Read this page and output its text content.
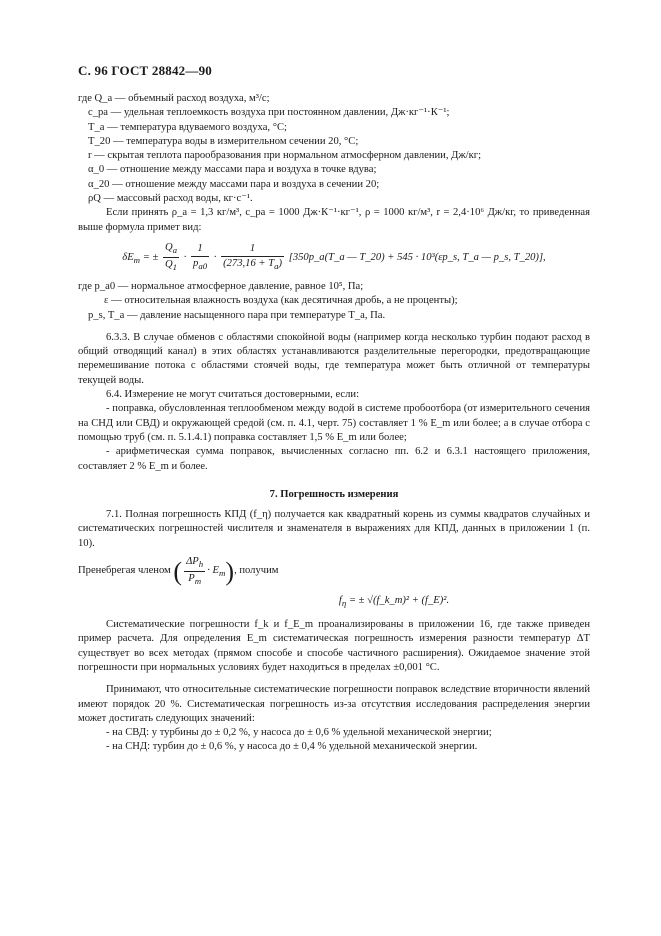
С. 96 ГОСТ 28842—90

где Q_a — объемный расход воздуха, м³/с;

c_pa — удельная теплоемкость воздуха при постоянном давлении, Дж·кг⁻¹·К⁻¹;

T_a — температура вдуваемого воздуха, °С;

T_20 — температура воды в измерительном сечении 20, °С;

r — скрытая теплота парообразования при нормальном атмосферном давлении, Дж/кг;

α_0 — отношение между массами пара и воздуха в точке вдува;

α_20 — отношение между массами пара и воздуха в сечении 20;

ρQ — массовый расход воды, кг·с⁻¹.

Если принять ρ_a = 1,3 кг/м³, c_pa = 1000 Дж·К⁻¹·кг⁻¹, ρ = 1000 кг/м³, r = 2,4·10⁶ Дж/кг, то приведенная выше формула примет вид:

$\delta E_m$ = ± $\frac{Q_a}{Q_1} \cdot \frac{1}{p_{a0}} \cdot \frac{1}{(273,16 + T_a)}$ [350p_a(T_a — T_20) + 545 · 10³(εp_s, T_a — p_s, T_20)],

где p_a0 — нормальное атмосферное давление, равное 10⁵, Па;

ε — относительная влажность воздуха (как десятичная дробь, а не проценты);

p_s, T_a — давление насыщенного пара при температуре T_a, Па.

6.3.3. В случае обменов с областями спокойной воды (например когда несколько турбин подают расход в общий отводящий канал) в этих областях устанавливаются разделительные перегородки, предотвращающие перемешивание потока с областями стоячей воды, где температура может быть отличной от температуры текущей воды.

6.4. Измерение не могут считаться достоверными, если:

- поправка, обусловленная теплообменом между водой в системе пробоотбора (от измерительного сечения на СНД или СВД) и окружающей средой (см. п. 4.1, черт. 75) составляет 1 % E_m или более; а в случае отбора с помощью труб (см. п. 5.1.4.1) поправка составляет 1,5 % E_m или более;

- арифметическая сумма поправок, вычисленных согласно пп. 6.2 и 6.3.1 настоящего приложения, составляет 2 % E_m и более.

7. Погрешность измерения

7.1. Полная погрешность КПД (f_η) получается как квадратный корень из суммы квадратов случайных и систематических погрешностей числителя и знаменателя в выражениях для КПД, данных в приложении 1 (п. 10).

Пренебрегая членом
( $\frac{\Delta P_h}{P_m} \cdot E_m$ ) , получим
$f_\eta$ = ± √(f_k_m)² + (f_E)².

Систематические погрешности f_k и f_E_m проанализированы в приложении 16, где также приведен пример расчета. Для определения E_m систематическая погрешность измерения разности температур ΔT существует во всех методах (прямом способе и способе частичного расширения). Ожидаемое значение этой погрешности при нормальных условиях будет находиться в пределах ±0,001 °С.

Принимают, что относительные систематические погрешности поправок вследствие вторичности явлений имеют порядок 20 %. Систематическая погрешность из-за отсутствия исследования распределения энергии может достигать следующих значений:

- на СВД: у турбины до ± 0,2 %, у насоса до ± 0,6 % удельной механической энергии;

- на СНД: турбин до ± 0,6 %, у насоса до ± 0,4 % удельной механической энергии.
